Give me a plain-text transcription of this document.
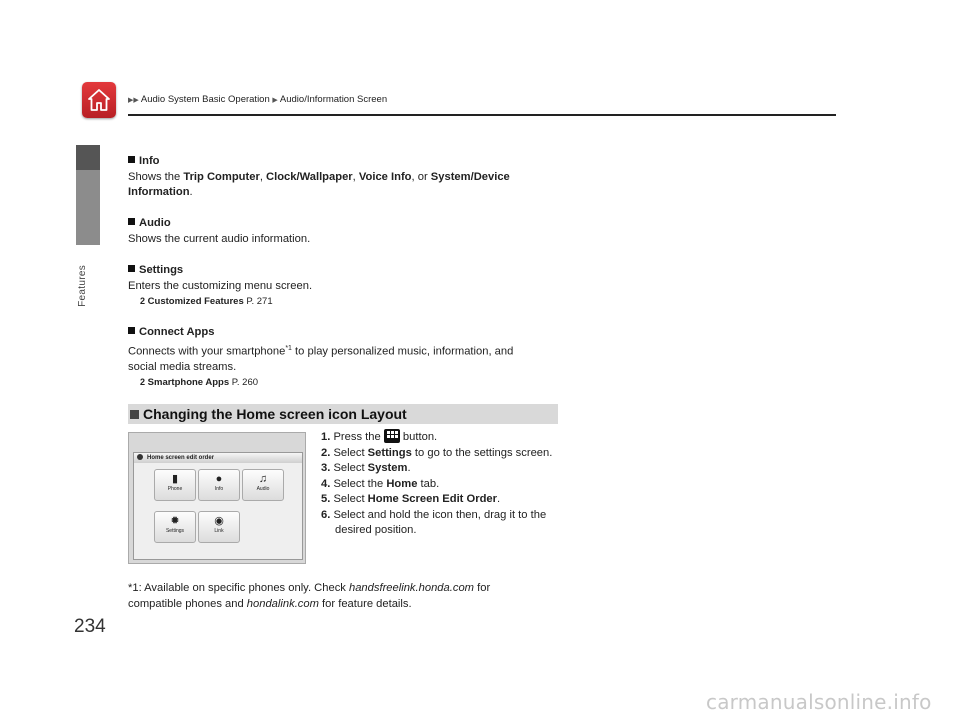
▶▶ Audio System Basic Operation ▶ Audio/Information Screen
Features
234
Info
Shows the Trip Computer, Clock/Wallpaper, Voice Info, or System/Device
Information.
Audio
Shows the current audio information.
Settings
Enters the customizing menu screen.
2 Customized Features P. 271
Connect Apps
Connects with your smartphone$^{*1}$ to play personalized music, information, and
social media streams.
2 Smartphone Apps P. 260
Changing the Home screen icon Layout
Home screen edit order
▮
Phone
●
Info
♫
Audio
✹
Settings
◉
Link
1. Press the
button.
2. Select Settings to go to the settings screen.
3. Select System.
4. Select the Home tab.
5. Select Home Screen Edit Order.
6. Select and hold the icon then, drag it to the
desired position.
*1: Available on specific phones only. Check handsfreelink.honda.com for
compatible phones and hondalink.com for feature details.
carmanualsonline.info
